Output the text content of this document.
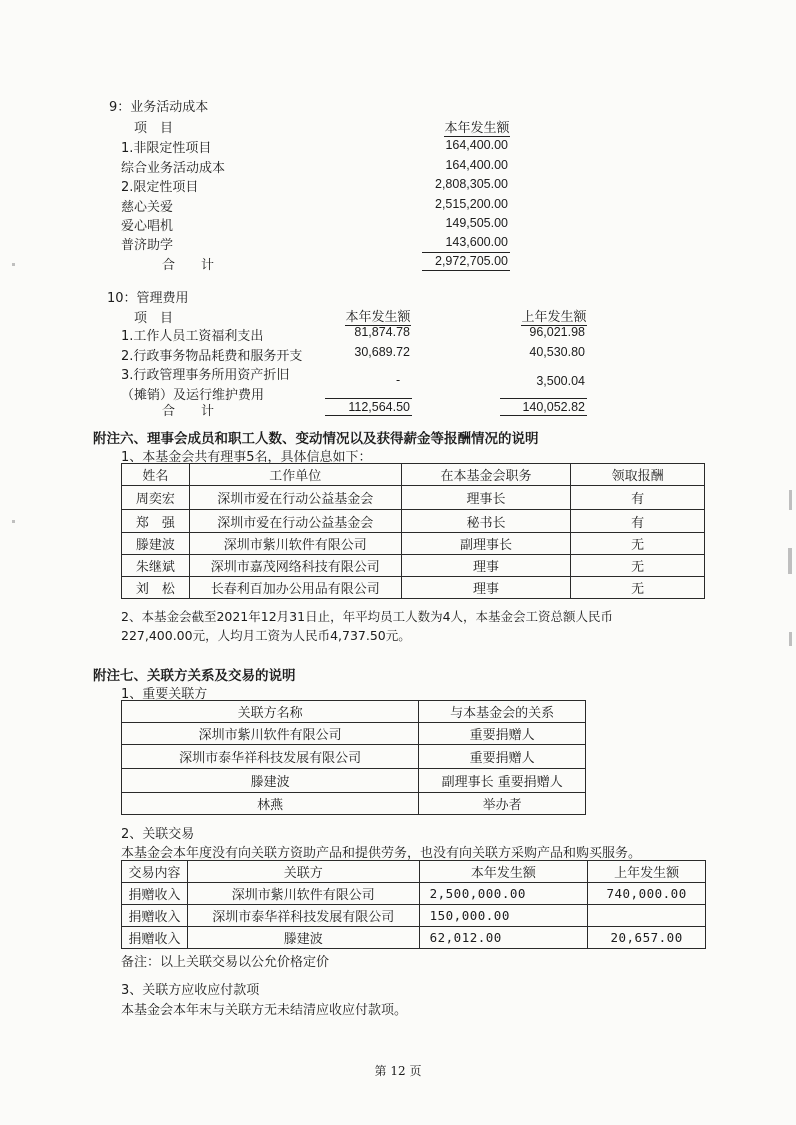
9：业务活动成本
项　目	本年发生额
1.非限定性项目	164,400.00
综合业务活动成本	164,400.00
2.限定性项目	2,808,305.00
慈心关爱	2,515,200.00
爱心唱机	149,505.00
普济助学	143,600.00
合　　计	2,972,705.00
10：管理费用
项　目	本年发生额	上年发生额
1.工作人员工资福利支出	81,874.78	96,021.98
2.行政事务物品耗费和服务开支	30,689.72	40,530.80
3.行政管理事务所用资产折旧
（摊销）及运行维护费用
-	3,500.04
合　　计	112,564.50	140,052.82
附注六、理事会成员和职工人数、变动情况以及获得薪金等报酬情况的说明
1、本基金会共有理事5名，具体信息如下：
姓名	工作单位	在本基金会职务	领取报酬
周奕宏	深圳市爱在行动公益基金会	理事长	有
郑　强	深圳市爱在行动公益基金会	秘书长	有
滕建波	深圳市紫川软件有限公司	副理事长	无
朱继斌	深圳市嘉茂网络科技有限公司	理事	无
刘　松	长春利百加办公用品有限公司	理事	无
2、本基金会截至2021年12月31日止，年平均员工人数为4人，本基金会工资总额人民币
227,400.00元，人均月工资为人民币4,737.50元。
附注七、关联方关系及交易的说明
1、重要关联方
关联方名称	与本基金会的关系
深圳市紫川软件有限公司	重要捐赠人
深圳市泰华祥科技发展有限公司	重要捐赠人
滕建波	副理事长 重要捐赠人
林燕	举办者
2、关联交易
本基金会本年度没有向关联方资助产品和提供劳务，也没有向关联方采购产品和购买服务。
交易内容	关联方	本年发生额	上年发生额
捐赠收入	深圳市紫川软件有限公司	2,500,000.00	740,000.00
捐赠收入	深圳市泰华祥科技发展有限公司	150,000.00	
捐赠收入	滕建波	62,012.00	20,657.00
备注：以上关联交易以公允价格定价
3、关联方应收应付款项
本基金会本年末与关联方无未结清应收应付款项。
第 12 页
